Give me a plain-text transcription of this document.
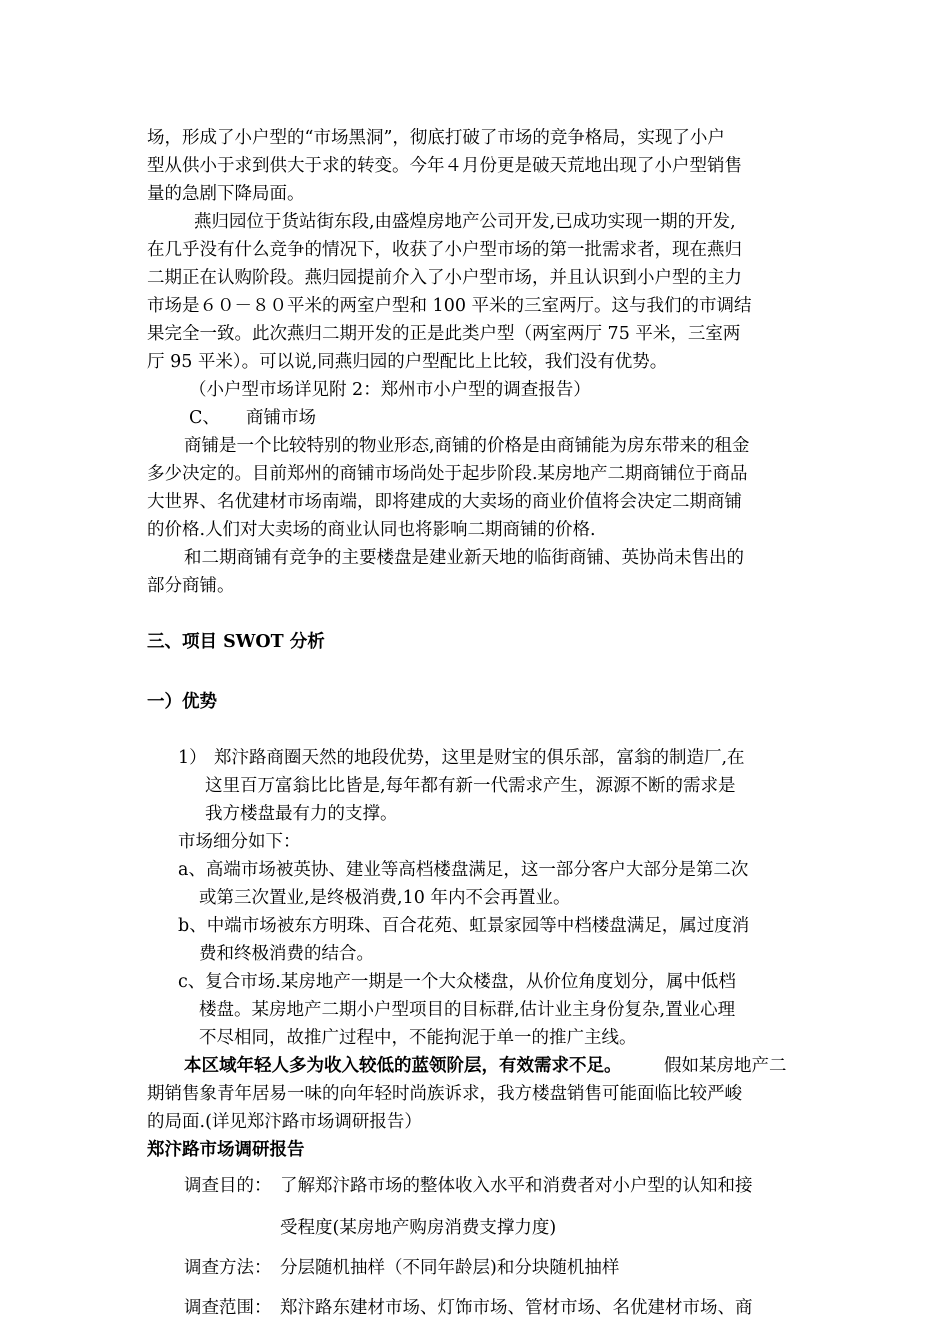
场，形成了小户型的“市场黑洞”，彻底打破了市场的竞争格局，实现了小户
型从供小于求到供大于求的转变。今年４月份更是破天荒地出现了小户型销售
量的急剧下降局面。
燕归园位于货站街东段,由盛煌房地产公司开发,已成功实现一期的开发,
在几乎没有什么竞争的情况下，收获了小户型市场的第一批需求者，现在燕归
二期正在认购阶段。燕归园提前介入了小户型市场，并且认识到小户型的主力
市场是６０－８０平米的两室户型和 100 平米的三室两厅。这与我们的市调结
果完全一致。此次燕归二期开发的正是此类户型（两室两厅 75 平米，三室两
厅 95 平米）。可以说,同燕归园的户型配比上比较，我们没有优势。
（小户型市场详见附 2：郑州市小户型的调查报告）
C、 商铺市场
商铺是一个比较特别的物业形态,商铺的价格是由商铺能为房东带来的租金
多少决定的。目前郑州的商铺市场尚处于起步阶段.某房地产二期商铺位于商品
大世界、名优建材市场南端，即将建成的大卖场的商业价值将会决定二期商铺
的价格.人们对大卖场的商业认同也将影响二期商铺的价格.
和二期商铺有竞争的主要楼盘是建业新天地的临街商铺、英协尚未售出的
部分商铺。
三、项目 SWOT 分析
一）优势
1） 郑汴路商圈天然的地段优势，这里是财宝的俱乐部，富翁的制造厂,在
这里百万富翁比比皆是,每年都有新一代需求产生，源源不断的需求是
我方楼盘最有力的支撑。
市场细分如下：
a、高端市场被英协、建业等高档楼盘满足，这一部分客户大部分是第二次
或第三次置业,是终极消费,10 年内不会再置业。
b、中端市场被东方明珠、百合花苑、虹景家园等中档楼盘满足，属过度消
费和终极消费的结合。
c、复合市场.某房地产一期是一个大众楼盘，从价位角度划分，属中低档
楼盘。某房地产二期小户型项目的目标群,估计业主身份复杂,置业心理
不尽相同，故推广过程中，不能拘泥于单一的推广主线。
本区域年轻人多为收入较低的蓝领阶层，有效需求不足。 假如某房地产二
期销售象青年居易一味的向年轻时尚族诉求，我方楼盘销售可能面临比较严峻
的局面.(详见郑汴路市场调研报告）
郑汴路市场调研报告
调查目的： 了解郑汴路市场的整体收入水平和消费者对小户型的认知和接
受程度(某房地产购房消费支撑力度)
调查方法： 分层随机抽样（不同年龄层)和分块随机抽样
调查范围： 郑汴路东建材市场、灯饰市场、管材市场、名优建材市场、商
